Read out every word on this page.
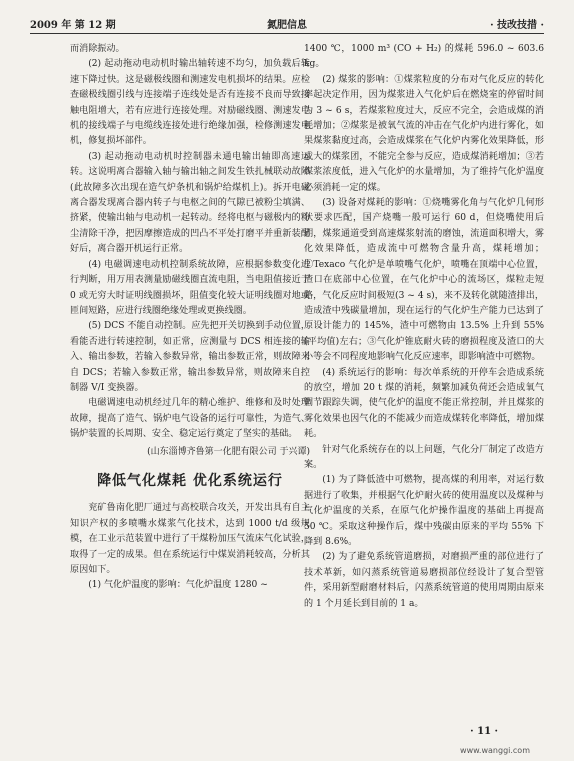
2009 年 第 12 期	氮肥信息	· 技改技措 ·

而消除振动。

(2) 起动拖动电动机时输出轴转速不均匀，加负载后转速下降过快。这是磁极线圈和测速发电机损坏的结果。应检查磁极线圈引线与连接端子连线处是否有连接不良而导致接触电阻增大，若有应进行连接处理。对励磁线圈、测速发电机的接线端子与电缆线连接处进行绝缘加强，检修测速发电机，修复损坏部件。

(3) 起动拖动电动机时控制器未通电输出轴即高速运转。这说明离合器输入轴与输出轴之间发生铁扎械联动故障(此故障多次出现在造气炉条机和锅炉给煤机上)。拆开电磁离合器发现离合器内转子与电枢之间的气隙已被粉尘填满、挤紧，使输出轴与电动机一起转动。经将电枢与磁极内的粉尘清除干净，把因摩擦造成的凹凸不平处打磨平并重新装配好后，离合器开机运行正常。

(4) 电磁调速电动机控制系统故障，应根据参数变化进行判断，用万用表测量励磁线圈直流电阻，当电阻值接近于 0 或无穷大时证明线圈损坏，阻值变化较大证明线圈对地或匝间短路，应进行线圈绝缘处理或更换线圈。

(5) DCS 不能自动控制。应先把开关切换到手动位置，看能否进行转速控制，如正常，应测量与 DCS 相连接的输入、输出参数，若输入参数异常，输出参数正常，则故障来自 DCS；若输入参数正常，输出参数异常，则故障来自控制器 V/I 变换器。

电磁调速电动机经过几年的精心维护、维修和及时处理故障，提高了造气、锅炉电气设备的运行可靠性，为造气、锅炉装置的长周期、安全、稳定运行奠定了坚实的基础。

(山东淄博齐鲁第一化肥有限公司 于兴谭)
降低气化煤耗 优化系统运行

兖矿鲁南化肥厂通过与高校联合攻关，开发出具有自主知识产权的多喷嘴水煤浆气化技术，达到 1000 t/d 级规模，在工业示范装置中进行了干煤粉加压气流床气化试验，取得了一定的成果。但在系统运行中煤炭消耗较高，分析其原因如下。

(1) 气化炉温度的影响：气化炉温度 1280 ~

1400 ℃，1000 m³ (CO + H₂) 的煤耗 596.0 ~ 603.6 kg。

(2) 煤浆的影响：①煤浆粒度的分布对气化反应的转化率起决定作用，因为煤浆进入气化炉后在燃烧室的停留时间为 3 ~ 6 s，若煤浆粒度过大，反应不完全，会造成煤的消耗增加；②煤浆是被氧气流的冲击在气化炉内进行雾化，如果煤浆黏度过高，会造成煤浆在气化炉内雾化效果降低，形成大的煤浆团，不能完全参与反应，造成煤消耗增加；③若煤浆浓度低，进入气化炉的水量增加，为了维持气化炉温度必须消耗一定的煤。

(3) 设备对煤耗的影响：①烧嘴雾化角与气化炉几何形状要求匹配，国产烧嘴一般可运行 60 d，但烧嘴使用后期，煤浆通道受到高速煤浆射流的磨蚀，流道面积增大，雾化效果降低，造成流中可燃物含量升高，煤耗增加；②Texaco 气化炉是单喷嘴气化炉，喷嘴在顶端中心位置，渣口在底部中心位置，在气化炉中心的流场区，煤粒走短路，气化反应时间极短(3 ~ 4 s)，来不及转化就随渣排出，造成渣中残碳量增加，现在运行的气化炉生产能力已达到了原设计能力的 145%，渣中可燃物由 13.5% 上升到 55%(平均值)左右；③气化炉锥底耐火砖的磨损程度及渣口的大小等会不同程度地影响气化反应速率，即影响渣中可燃物。

(4) 系统运行的影响：每次单系统的开停车会造成系统的放空，增加 20 t 煤的消耗，频繁加减负荷还会造成氧气调节跟踪失调，使气化炉的温度不能正常控制，并且煤浆的雾化效果也因气化的不能减少而造成煤转化率降低，增加煤耗。

针对气化系统存在的以上问题，气化分厂制定了改造方案。

(1) 为了降低渣中可燃物，提高煤的利用率，对运行数据进行了收集，并根据气化炉耐火砖的使用温度以及煤种与气化炉温度的关系，在原气化炉操作温度的基础上再提高 50 ℃。采取这种操作后，煤中残碳由原来的平均 55% 下降到 8.6%。

(2) 为了避免系统管道磨损，对磨损严重的部位进行了技术革新，如闪蒸系统管道易磨损部位经设计了复合型管件，采用新型耐磨材料后，闪蒸系统管道的使用周期由原来的 1 个月延长到目前的 1 a。

· 11 ·
www.wanggi.com
